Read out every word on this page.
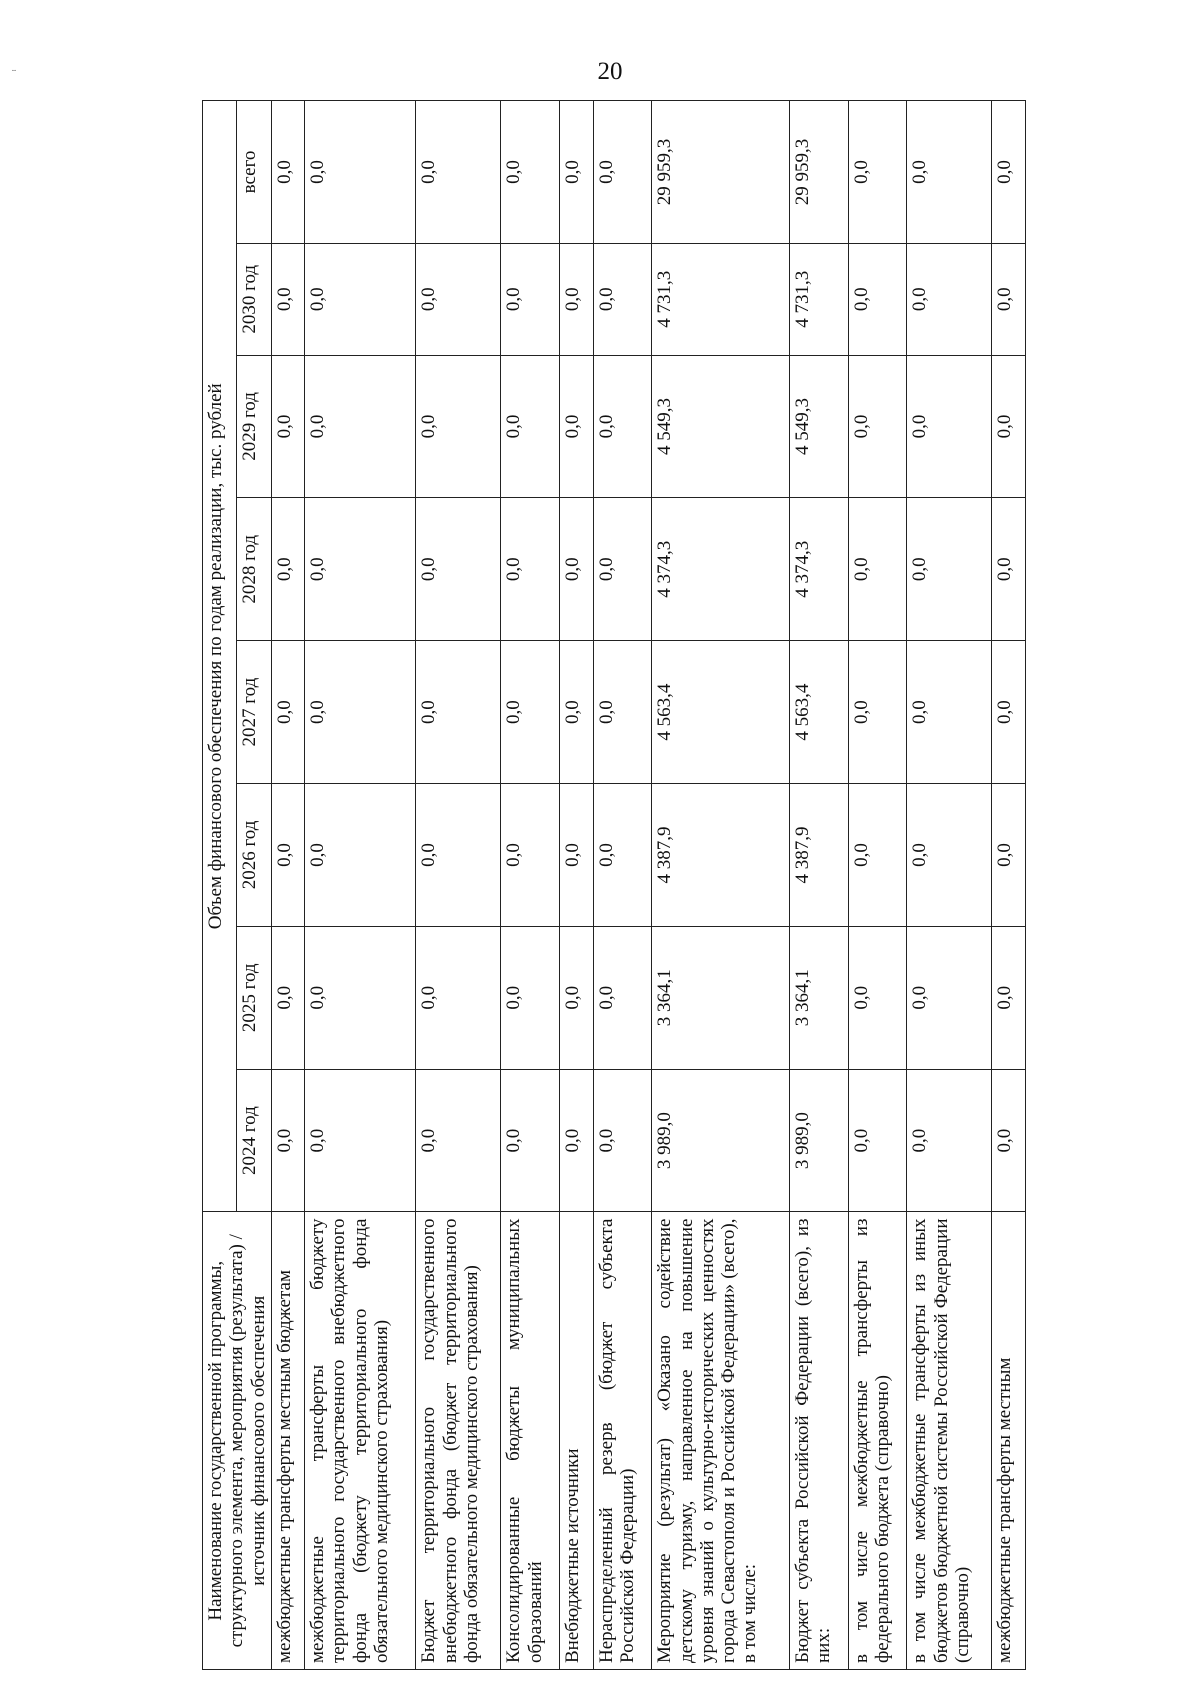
¨	20
Наименование государственной программы, структурного элемента, мероприятия (результата) / источник финансового обеспечения	Объем финансового обеспечения по годам реализации, тыс. рублей							
	2024 год	2025 год	2026 год	2027 год	2028 год	2029 год	2030 год	всего
межбюджетные трансферты местным бюджетам	0,0	0,0	0,0	0,0	0,0	0,0	0,0	0,0
межбюджетные трансферты бюджету территориального государственного внебюджетного фонда (бюджету территориального фонда обязательного медицинского страхования)	0,0	0,0	0,0	0,0	0,0	0,0	0,0	0,0
Бюджет территориального государственного внебюджетного фонда (бюджет территориального фонда обязательного медицинского страхования)	0,0	0,0	0,0	0,0	0,0	0,0	0,0	0,0
Консолидированные бюджеты муниципальных образований	0,0	0,0	0,0	0,0	0,0	0,0	0,0	0,0
Внебюджетные источники	0,0	0,0	0,0	0,0	0,0	0,0	0,0	0,0
Нераспределенный резерв (бюджет субъекта Российской Федерации)	0,0	0,0	0,0	0,0	0,0	0,0	0,0	0,0
Мероприятие (результат) «Оказано содействие детскому туризму, направленное на повышение уровня знаний о культурно-исторических ценностях города Севастополя и Российской Федерации» (всего), в том числе:	3 989,0	3 364,1	4 387,9	4 563,4	4 374,3	4 549,3	4 731,3	29 959,3
Бюджет субъекта Российской Федерации (всего), из них:	3 989,0	3 364,1	4 387,9	4 563,4	4 374,3	4 549,3	4 731,3	29 959,3
в том числе межбюджетные трансферты из федерального бюджета (справочно)	0,0	0,0	0,0	0,0	0,0	0,0	0,0	0,0
в том числе межбюджетные трансферты из иных бюджетов бюджетной системы Российской Федерации (справочно)	0,0	0,0	0,0	0,0	0,0	0,0	0,0	0,0
межбюджетные трансферты местным	0,0	0,0	0,0	0,0	0,0	0,0	0,0	0,0
